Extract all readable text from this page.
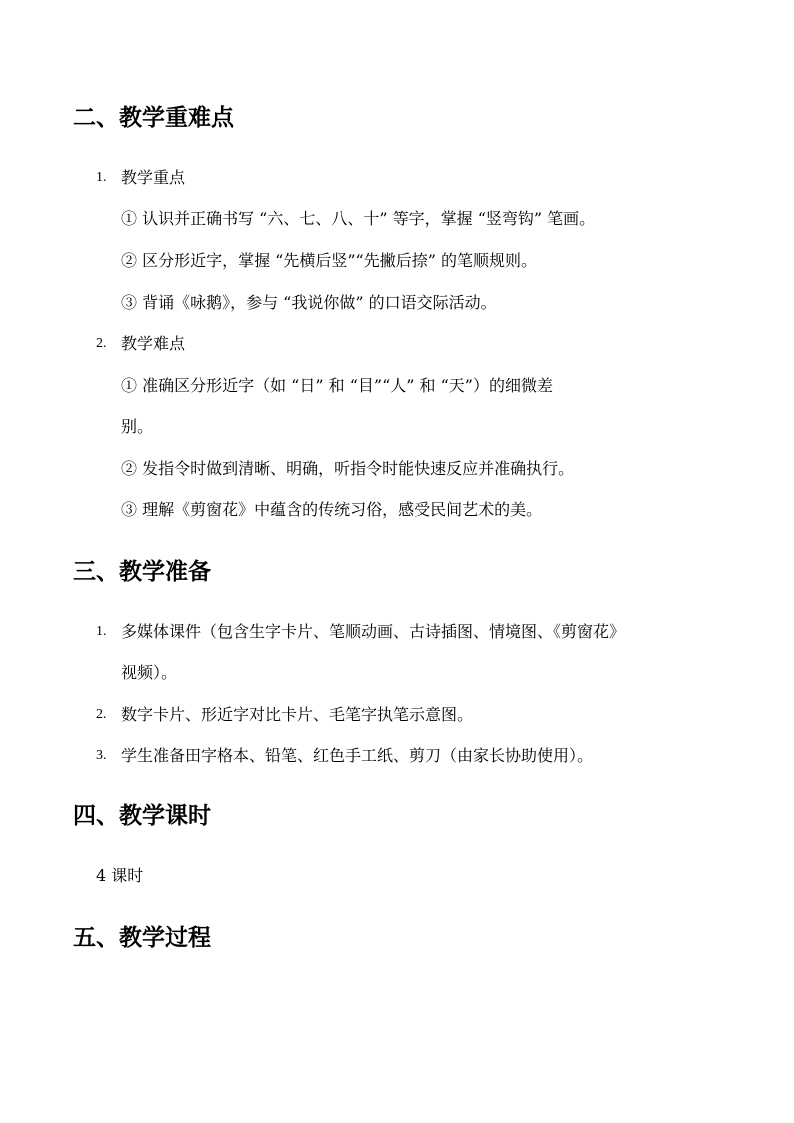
二、教学重难点
1. 教学重点
① 认识并正确书写 “六、七、八、十” 等字，掌握 “竖弯钩” 笔画。
② 区分形近字，掌握 “先横后竖”“先撇后捺” 的笔顺规则。
③ 背诵《咏鹅》，参与 “我说你做” 的口语交际活动。
2. 教学难点
① 准确区分形近字（如 “日” 和 “目”“人” 和 “天”）的细微差
别。
② 发指令时做到清晰、明确，听指令时能快速反应并准确执行。
③ 理解《剪窗花》中蕴含的传统习俗，感受民间艺术的美。
三、教学准备
1. 多媒体课件（包含生字卡片、笔顺动画、古诗插图、情境图、《剪窗花》
视频）。
2. 数字卡片、形近字对比卡片、毛笔字执笔示意图。
3. 学生准备田字格本、铅笔、红色手工纸、剪刀（由家长协助使用）。
四、教学课时
4 课时
五、教学过程
